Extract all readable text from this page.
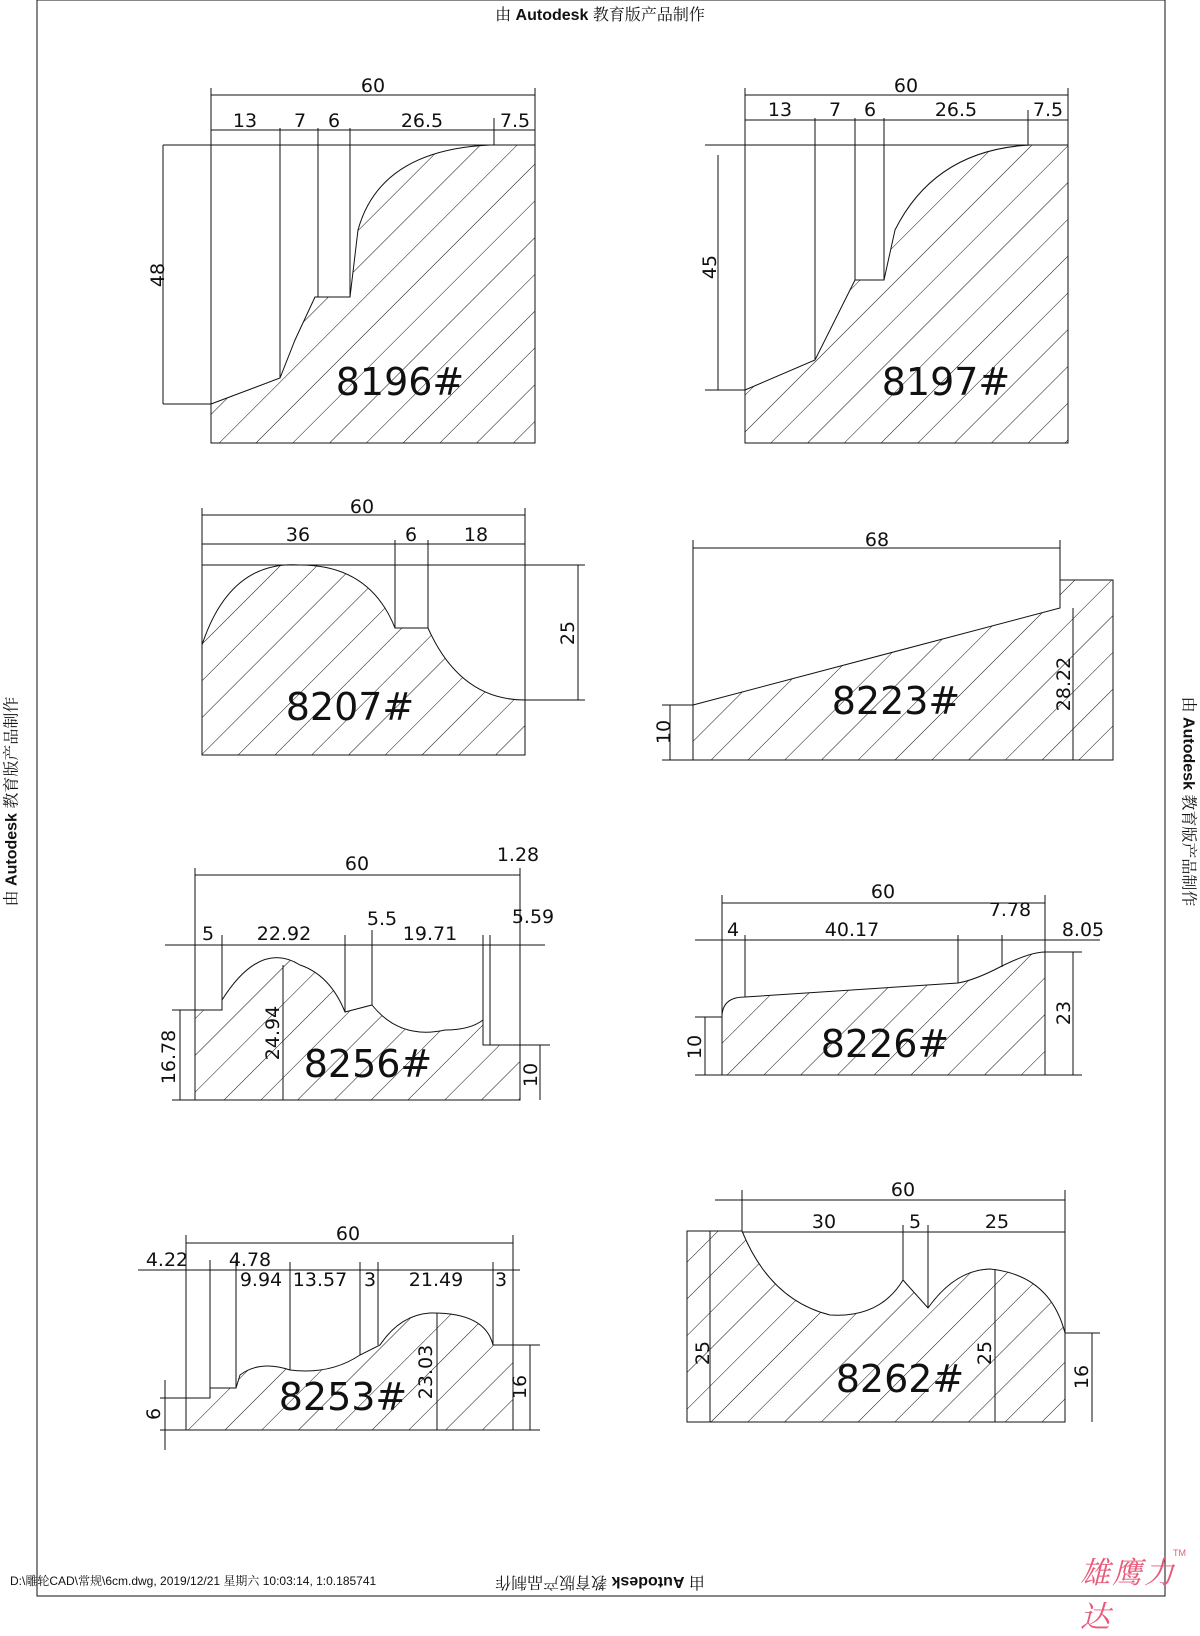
由 Autodesk 教育版产品制作
由 Autodesk 教育版产品制作
由 Autodesk 教育版产品制作	由 Autodesk 教育版产品制作
60
13 7 6	26.5	7.5
48
8196#
60
13 7 6	26.5	7.5
45
8197#
60
36	6 18
25
8207#
68
10
28.22
8223#
60
5 22.92
5.5
19.71
1.28
5.59
16.78	24.94
10
8256#
60
4	40.17
7.78
8.05
10
23
8226#
60
4.22 4.78
9.94 13.57 3 21.49 3
6
23.03	16
8253#
60
30	5	25
25	25
16
8262#
D:\雕轮CAD\常规\6cm.dwg, 2019/12/21 星期六 10:03:14, 1:0.185741	雄鹰力达
TM
